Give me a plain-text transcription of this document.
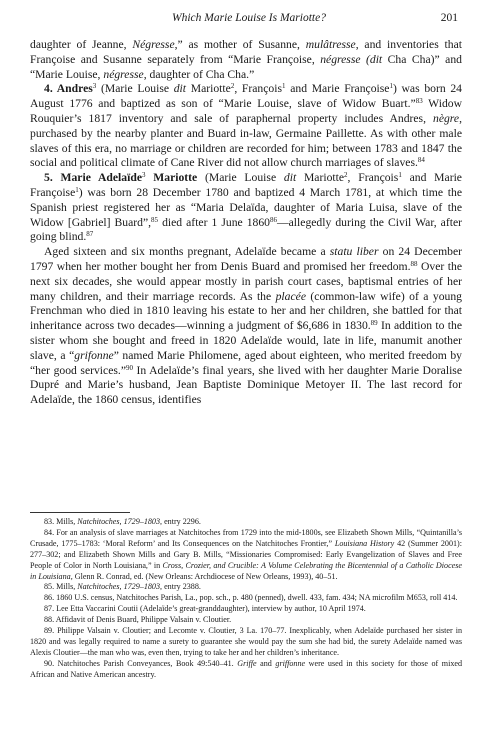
Which Marie Louise Is Mariotte?	201

daughter of Jeanne, Négresse,” as mother of Susanne, mulâtresse, and inventories that Françoise and Susanne separately from “Marie Françoise, négresse (dit Cha Cha)” and “Marie Louise, négresse, daughter of Cha Cha.”

4. Andres$^3$ (Marie Louise dit Mariotte$^2$, François$^1$ and Marie Françoise$^1$) was born 24 August 1776 and baptized as son of “Marie Louise, slave of Widow Buart.”$^{83}$ Widow Rouquier’s 1817 inventory and sale of paraphernal property includes Andres, nègre, purchased by the nearby planter and Buard in-law, Germaine Paillette. As with other male slaves of this era, no marriage or children are recorded for him; between 1783 and 1847 the social and political climate of Cane River did not allow church marriages of slaves.$^{84}$

5. Marie Adelaïde$^3$ Mariotte (Marie Louise dit Mariotte$^2$, François$^1$ and Marie Françoise$^1$) was born 28 December 1780 and baptized 4 March 1781, at which time the Spanish priest registered her as “Maria Delaïda, daughter of Maria Luisa, slave of the Widow [Gabriel] Buard”,$^{85}$ died after 1 June 1860$^{86}$—allegedly during the Civil War, after going blind.$^{87}$

Aged sixteen and six months pregnant, Adelaïde became a statu liber on 24 December 1797 when her mother bought her from Denis Buard and promised her freedom.$^{88}$ Over the next six decades, she would appear mostly in parish court cases, baptismal entries of her many children, and their marriage records. As the placée (common-law wife) of a young Frenchman who died in 1810 leaving his estate to her and her children, she battled for that inheritance across two decades—winning a judgment of $6,686 in 1830.89 In addition to the sister whom she bought and freed in 1820 Adelaïde would, late in life, manumit another slave, a “grifonne” named Marie Philomene, aged about eighteen, who merited freedom by “her good services.”$^{90}$ In Adelaïde’s final years, she lived with her daughter Marie Doralise Dupré and Marie’s husband, Jean Baptiste Dominique Metoyer II. The last record for Adelaïde, the 1860 census, identifies

83. Mills, Natchitoches, 1729–1803, entry 2296.

84. For an analysis of slave marriages at Natchitoches from 1729 into the mid-1800s, see Elizabeth Shown Mills, “Quintanilla’s Crusade, 1775–1783: ‘Moral Reform’ and Its Consequences on the Natchitoches Frontier,” Louisiana History 42 (Summer 2001): 277–302; and Elizabeth Shown Mills and Gary B. Mills, “Missionaries Compromised: Early Evangelization of Slaves and Free People of Color in North Louisiana,” in Cross, Crozier, and Crucible: A Volume Celebrating the Bicentennial of a Catholic Diocese in Louisiana, Glenn R. Conrad, ed. (New Orleans: Archdiocese of New Orleans, 1993), 40–51.

85. Mills, Natchitoches, 1729–1803, entry 2388.

86. 1860 U.S. census, Natchitoches Parish, La., pop. sch., p. 480 (penned), dwell. 433, fam. 434; NA microfilm M653, roll 414.

87. Lee Etta Vaccarini Coutii (Adelaïde’s great-granddaughter), interview by author, 10 April 1974.

88. Affidavit of Denis Buard, Philippe Valsain v. Cloutier.

89. Philippe Valsain v. Cloutier; and Lecomte v. Cloutier, 3 La. 170–77. Inexplicably, when Adelaïde purchased her sister in 1820 and was legally required to name a surety to guarantee she would pay the sum she had bid, the surety Adelaïde named was Alexis Cloutier—the man who was, even then, trying to take her and her children’s inheritance.

90. Natchitoches Parish Conveyances, Book 49:540–41. Griffe and griffonne were used in this society for those of mixed African and Native American ancestry.
